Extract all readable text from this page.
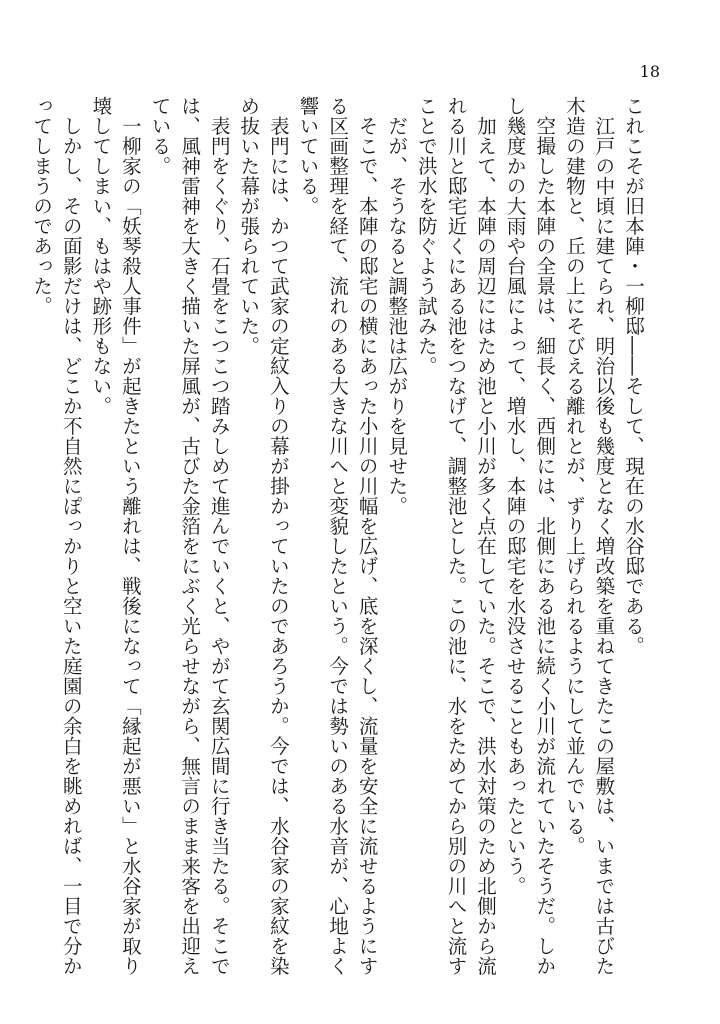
18

これこそが旧本陣・一柳邸――そして、現在の水谷邸である。

　江戸の中頃に建てられ、明治以後も幾度となく増改築を重ねてきたこの屋敷は、いまでは古びた木造の建物と、丘の上にそびえる離れとが、ずり上げられるようにして並んでいる。

　空撮した本陣の全景は、細長く、西側には、北側にある池に続く小川が流れていたそうだ。しかし幾度かの大雨や台風によって、増水し、本陣の邸宅を水没させることもあったという。

　加えて、本陣の周辺にはため池と小川が多く点在していた。そこで、洪水対策のため北側から流れる川と邸宅近くにある池をつなげて、調整池とした。この池に、水をためてから別の川へと流すことで洪水を防ぐよう試みた。

　だが、そうなると調整池は広がりを見せた。

　そこで、本陣の邸宅の横にあった小川の川幅を広げ、底を深くし、流量を安全に流せるようにする区画整理を経て、流れのある大きな川へと変貌したという。今では勢いのある水音が、心地よく響いている。

　表門には、かつて武家の定紋入りの幕が掛かっていたのであろうか。今では、水谷家の家紋を染め抜いた幕が張られていた。

　表門をくぐり、石畳をこつこつ踏みしめて進んでいくと、やがて玄関広間に行き当たる。そこでは、風神雷神を大きく描いた屏風が、古びた金箔をにぶく光らせながら、無言のまま来客を出迎えている。

　一柳家の「妖琴殺人事件」が起きたという離れは、戦後になって「縁起が悪い」と水谷家が取り壊してしまい、もはや跡形もない。

　しかし、その面影だけは、どこか不自然にぽっかりと空いた庭園の余白を眺めれば、一目で分かってしまうのであった。
